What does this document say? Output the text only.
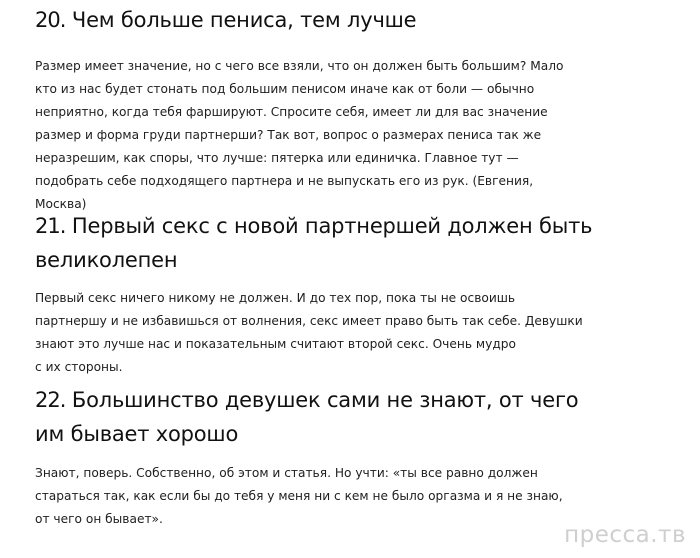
20. Чем больше пениса, тем лучше

Размер имеет значение, но с чего все взяли, что он должен быть большим? Мало
кто из нас будет стонать под большим пенисом иначе как от боли — обычно
неприятно, когда тебя фаршируют. Спросите себя, имеет ли для вас значение
размер и форма груди партнерши? Так вот, вопрос о размерах пениса так же
неразрешим, как споры, что лучше: пятерка или единичка. Главное тут —
подобрать себе подходящего партнера и не выпускать его из рук. (Евгения,
Москва)

21. Первый секс с новой партнершей должен быть
великолепен

Первый секс ничего никому не должен. И до тех пор, пока ты не освоишь
партнершу и не избавишься от волнения, секс имеет право быть так себе. Девушки
знают это лучше нас и показательным считают второй секс. Очень мудро
с их стороны.

22. Большинство девушек сами не знают, от чего
им бывает хорошо

Знают, поверь. Собственно, об этом и статья. Но учти: «ты все равно должен
стараться так, как если бы до тебя у меня ни с кем не было оргазма и я не знаю,
от чего он бывает».

пресса.тв
